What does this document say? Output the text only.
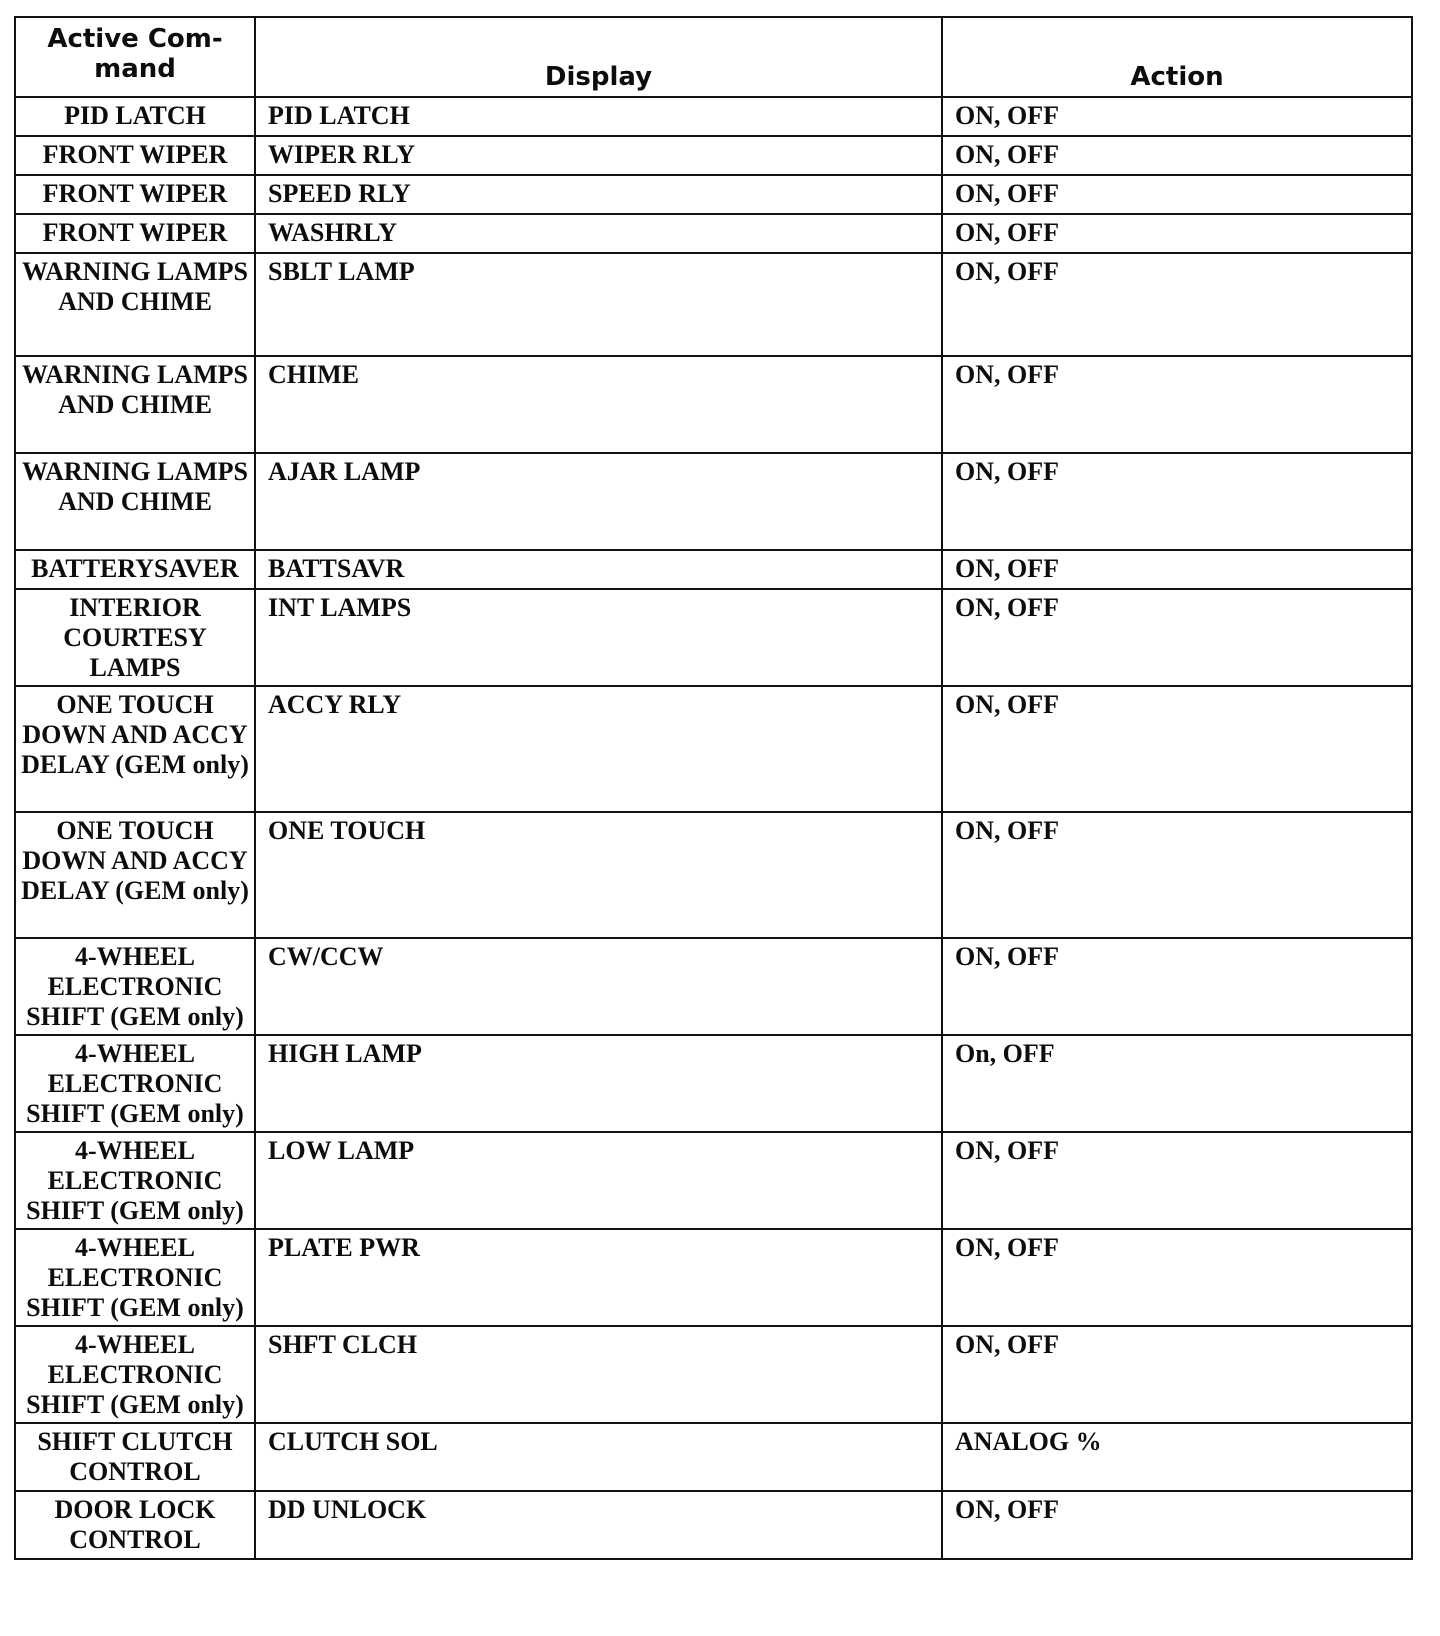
Active Com-
mand	Display	Action
PID LATCH	PID LATCH	ON, OFF
FRONT WIPER	WIPER RLY	ON, OFF
FRONT WIPER	SPEED RLY	ON, OFF
FRONT WIPER	WASHRLY	ON, OFF
WARNING LAMPS AND CHIME	SBLT LAMP	ON, OFF
WARNING LAMPS AND CHIME	CHIME	ON, OFF
WARNING LAMPS AND CHIME	AJAR LAMP	ON, OFF
BATTERYSAVER	BATTSAVR	ON, OFF
INTERIOR COURTESY LAMPS	INT LAMPS	ON, OFF
ONE TOUCH DOWN AND ACCY DELAY (GEM only)	ACCY RLY	ON, OFF
ONE TOUCH DOWN AND ACCY DELAY (GEM only)	ONE TOUCH	ON, OFF
4-WHEEL ELECTRONIC SHIFT (GEM only)	CW/CCW	ON, OFF
4-WHEEL ELECTRONIC SHIFT (GEM only)	HIGH LAMP	On, OFF
4-WHEEL ELECTRONIC SHIFT (GEM only)	LOW LAMP	ON, OFF
4-WHEEL ELECTRONIC SHIFT (GEM only)	PLATE PWR	ON, OFF
4-WHEEL ELECTRONIC SHIFT (GEM only)	SHFT CLCH	ON, OFF
SHIFT CLUTCH CONTROL	CLUTCH SOL	ANALOG %
DOOR LOCK CONTROL	DD UNLOCK	ON, OFF
